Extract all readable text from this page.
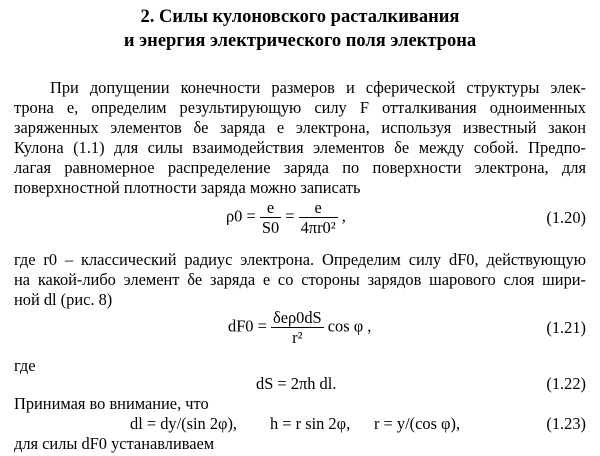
2. Силы кулоновского расталкивания
и энергия электрического поля электрона
При допущении конечности размеров и сферической структуры элек-
трона e, определим результирующую силу F отталкивания одноименных
заряженных элементов δe заряда e электрона, используя известный закон
Кулона (1.1) для силы взаимодействия элементов δe между собой. Предпо-
лагая равномерное распределение заряда по поверхности электрона, для
поверхностной плотности заряда можно записать
$\rho 0 = \frac{e}{S0} = \frac{e}{\text{4πr0²}}$ ,	(1.20)
где r0 – классический радиус электрона. Определим силу dF0, действующую
на какой-либо элемент δe заряда e со стороны зарядов шарового слоя шири-
ной dl (рис. 8)
$dF0 = \frac{\text{δeρ0dS}}{\text{r²}}$ cos φ ,	(1.21)
где
dS = 2πh dl.	(1.22)
Принимая во внимание, что
dl = dy/(sin 2φ), h = r sin 2φ, r = y/(cos φ),	(1.23)
для силы dF0 устанавливаем
